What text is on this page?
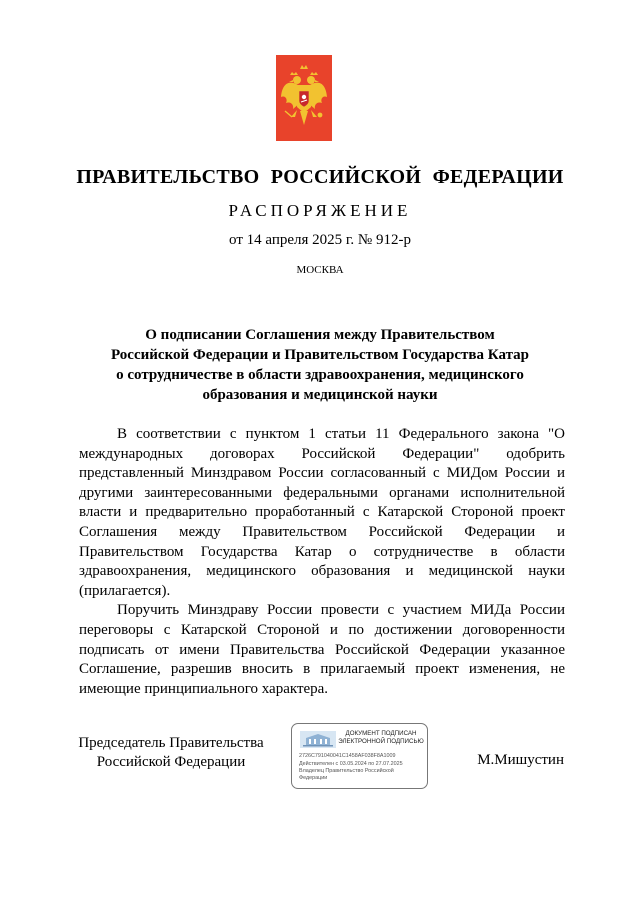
ПРАВИТЕЛЬСТВО РОССИЙСКОЙ ФЕДЕРАЦИИ
РАСПОРЯЖЕНИЕ
от 14 апреля 2025 г. № 912-р
МОСКВА
О подписании Соглашения между Правительством
Российской Федерации и Правительством Государства Катар
о сотрудничестве в области здравоохранения, медицинского
образования и медицинской науки

В соответствии с пунктом 1 статьи 11 Федерального закона "О международных договорах Российской Федерации" одобрить представленный Минздравом России согласованный с МИДом России и другими заинтересованными федеральными органами исполнительной власти и предварительно проработанный с Катарской Стороной проект Соглашения между Правительством Российской Федерации и Правительством Государства Катар о сотрудничестве в области здравоохранения, медицинского образования и медицинской науки (прилагается).

Поручить Минздраву России провести с участием МИДа России переговоры с Катарской Стороной и по достижении договоренности подписать от имени Правительства Российской Федерации указанное Соглашение, разрешив вносить в прилагаемый проект изменения, не имеющие принципиального характера.

Председатель Правительства
Российской Федерации
ДОКУМЕНТ ПОДПИСАН
ЭЛЕКТРОННОЙ ПОДПИСЬЮ
2726C791040041C1458AF038F8A1009
Действителен с 03.05.2024 по 27.07.2025
Владелец Правительство Российской
Федерации
М.Мишустин
